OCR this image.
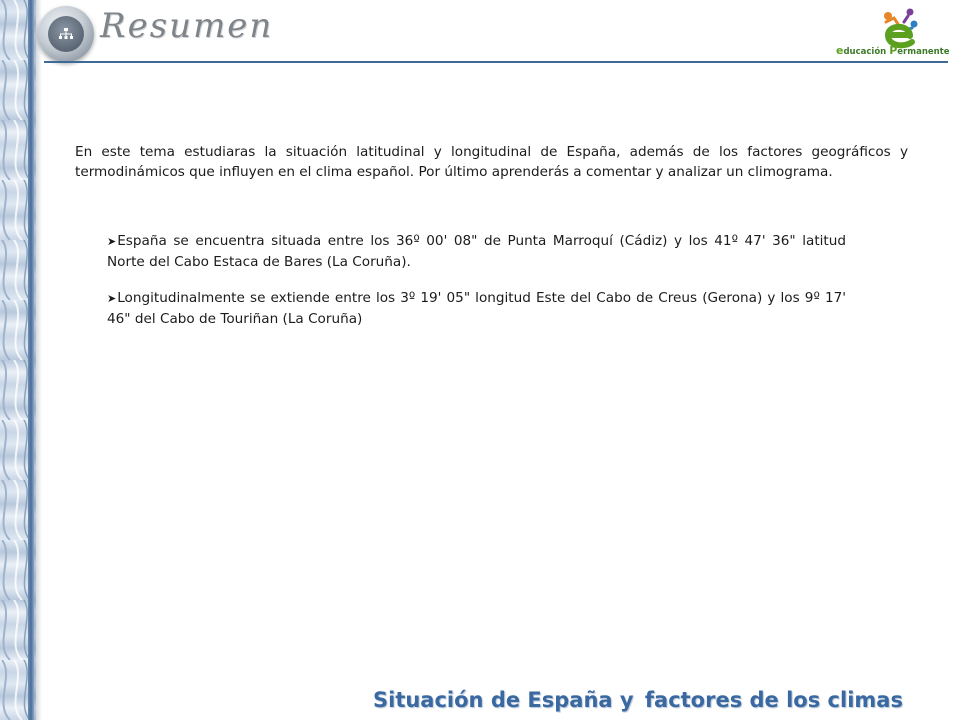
Resumen
educación Permanente
En este tema estudiaras la situación latitudinal y longitudinal de España, además de los factores geográficos y termodinámicos que influyen en el clima español. Por último aprenderás a comentar y analizar un climograma.
➤España se encuentra situada entre los 36º 00' 08" de Punta Marroquí (Cádiz) y los 41º 47' 36" latitud Norte del Cabo Estaca de Bares (La Coruña).
➤Longitudinalmente se extiende entre los 3º 19' 05" longitud Este del Cabo de Creus (Gerona) y los 9º 17' 46" del Cabo de Touriñan (La Coruña)
Situación de España y factores de los climas
